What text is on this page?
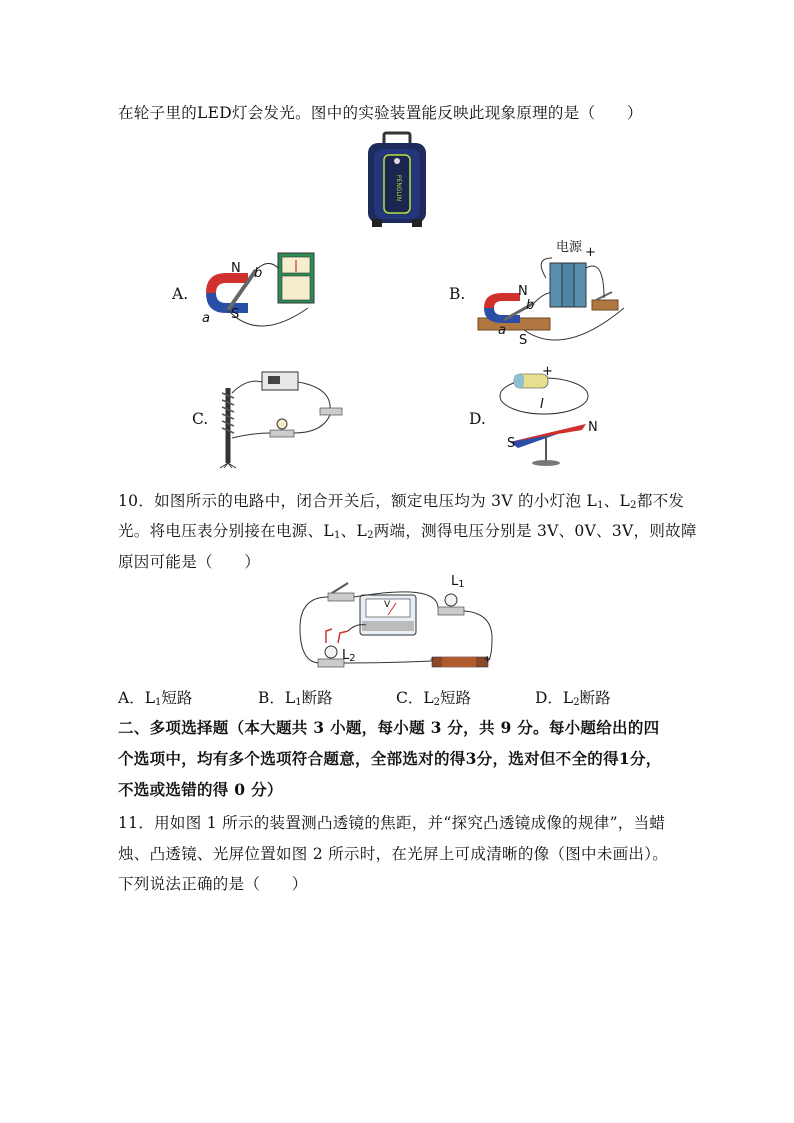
在轮子里的LED灯会发光。图中的实验装置能反映此现象原理的是（　　）
PENGLIN
A.	B.
C.	D.
N
S
a
b
电源 +
N
S
a
b
+
I
N
S
10．如图所示的电路中，闭合开关后，额定电压均为 3V 的小灯泡 $L_1$、$L_2$都不发
光。将电压表分别接在电源、$L_1$、$L_2$两端，测得电压分别是 3V、0V、3V，则故障
原因可能是（　　）
$L_1$
$L_2$
V
-	+
A．$L_1$短路	B．$L_1$断路	C．$L_2$短路	D．$L_2$断路
二、多项选择题（本大题共 3 小题，每小题 3 分，共 9 分。每小题给出的四
个选项中，均有多个选项符合题意，全部选对的得3分，选对但不全的得1分，
不选或选错的得 0 分）
11．用如图 1 所示的装置测凸透镜的焦距，并“探究凸透镜成像的规律”，当蜡
烛、凸透镜、光屏位置如图 2 所示时，在光屏上可成清晰的像（图中未画出）。
下列说法正确的是（　　）
